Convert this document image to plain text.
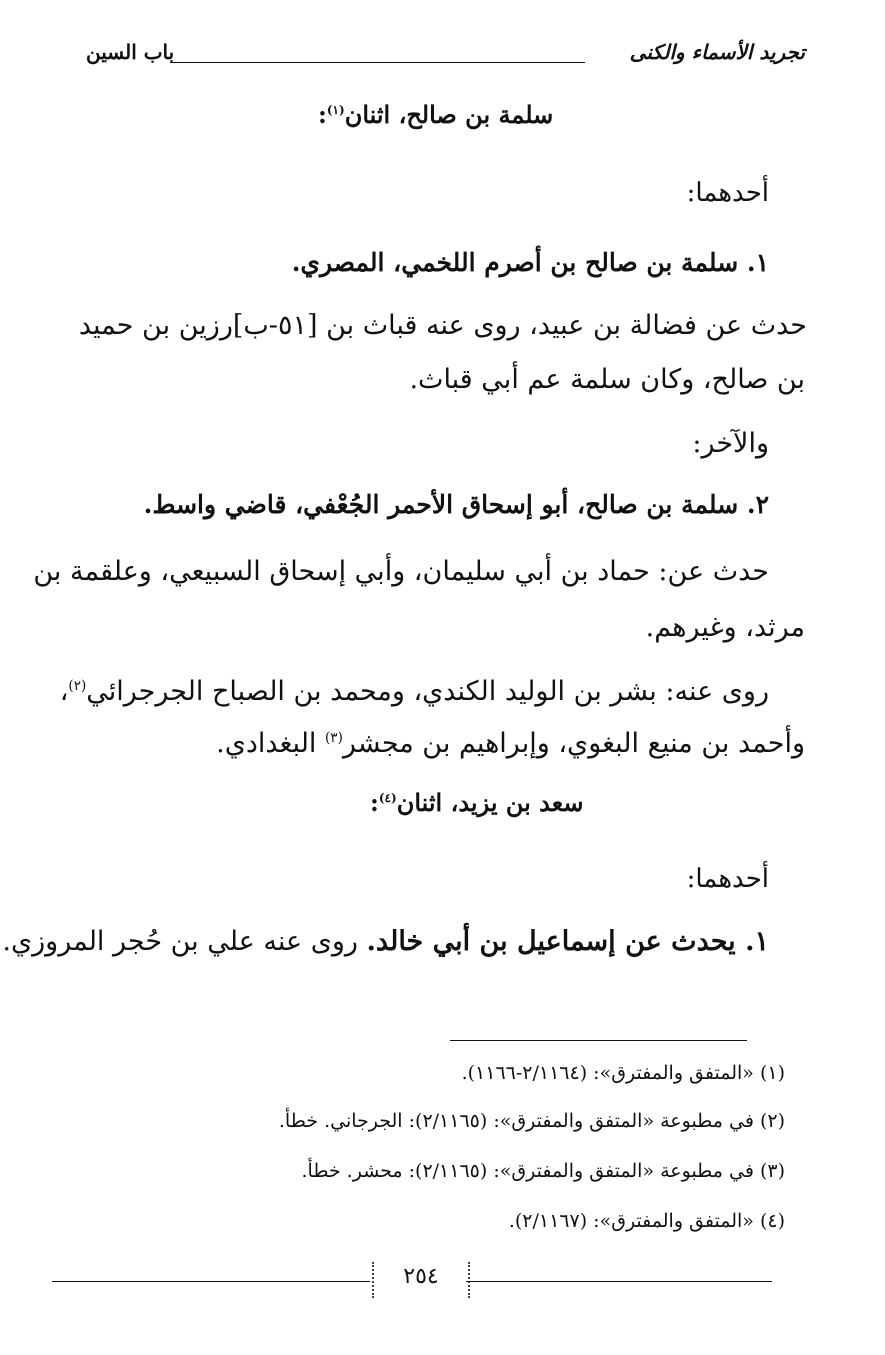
تجريد الأسماء والكنى
باب السين
سلمة بن صالح، اثنان$^{(١)}$:
أحدهما:
١. سلمة بن صالح بن أصرم اللخمي، المصري.
حدث عن فضالة بن عبيد، روى عنه قباث بن [٥١-ب]رزين بن حميد
بن صالح، وكان سلمة عم أبي قباث.
والآخر:
٢. سلمة بن صالح، أبو إسحاق الأحمر الجُعْفي، قاضي واسط.
حدث عن: حماد بن أبي سليمان، وأبي إسحاق السبيعي، وعلقمة بن
مرثد، وغيرهم.
روى عنه: بشر بن الوليد الكندي، ومحمد بن الصباح الجرجرائي$^{(٢)}$،
وأحمد بن منيع البغوي، وإبراهيم بن مجشر$^{(٣)}$ البغدادي.
سعد بن يزيد، اثنان$^{(٤)}$:
أحدهما:
١. يحدث عن إسماعيل بن أبي خالد. روى عنه علي بن حُجر المروزي.
(١) «المتفق والمفترق»: (٢/١١٦٤-١١٦٦).
(٢) في مطبوعة «المتفق والمفترق»: (٢/١١٦٥): الجرجاني. خطأ.
(٣) في مطبوعة «المتفق والمفترق»: (٢/١١٦٥): محشر. خطأ.
(٤) «المتفق والمفترق»: (٢/١١٦٧).
٢٥٤
